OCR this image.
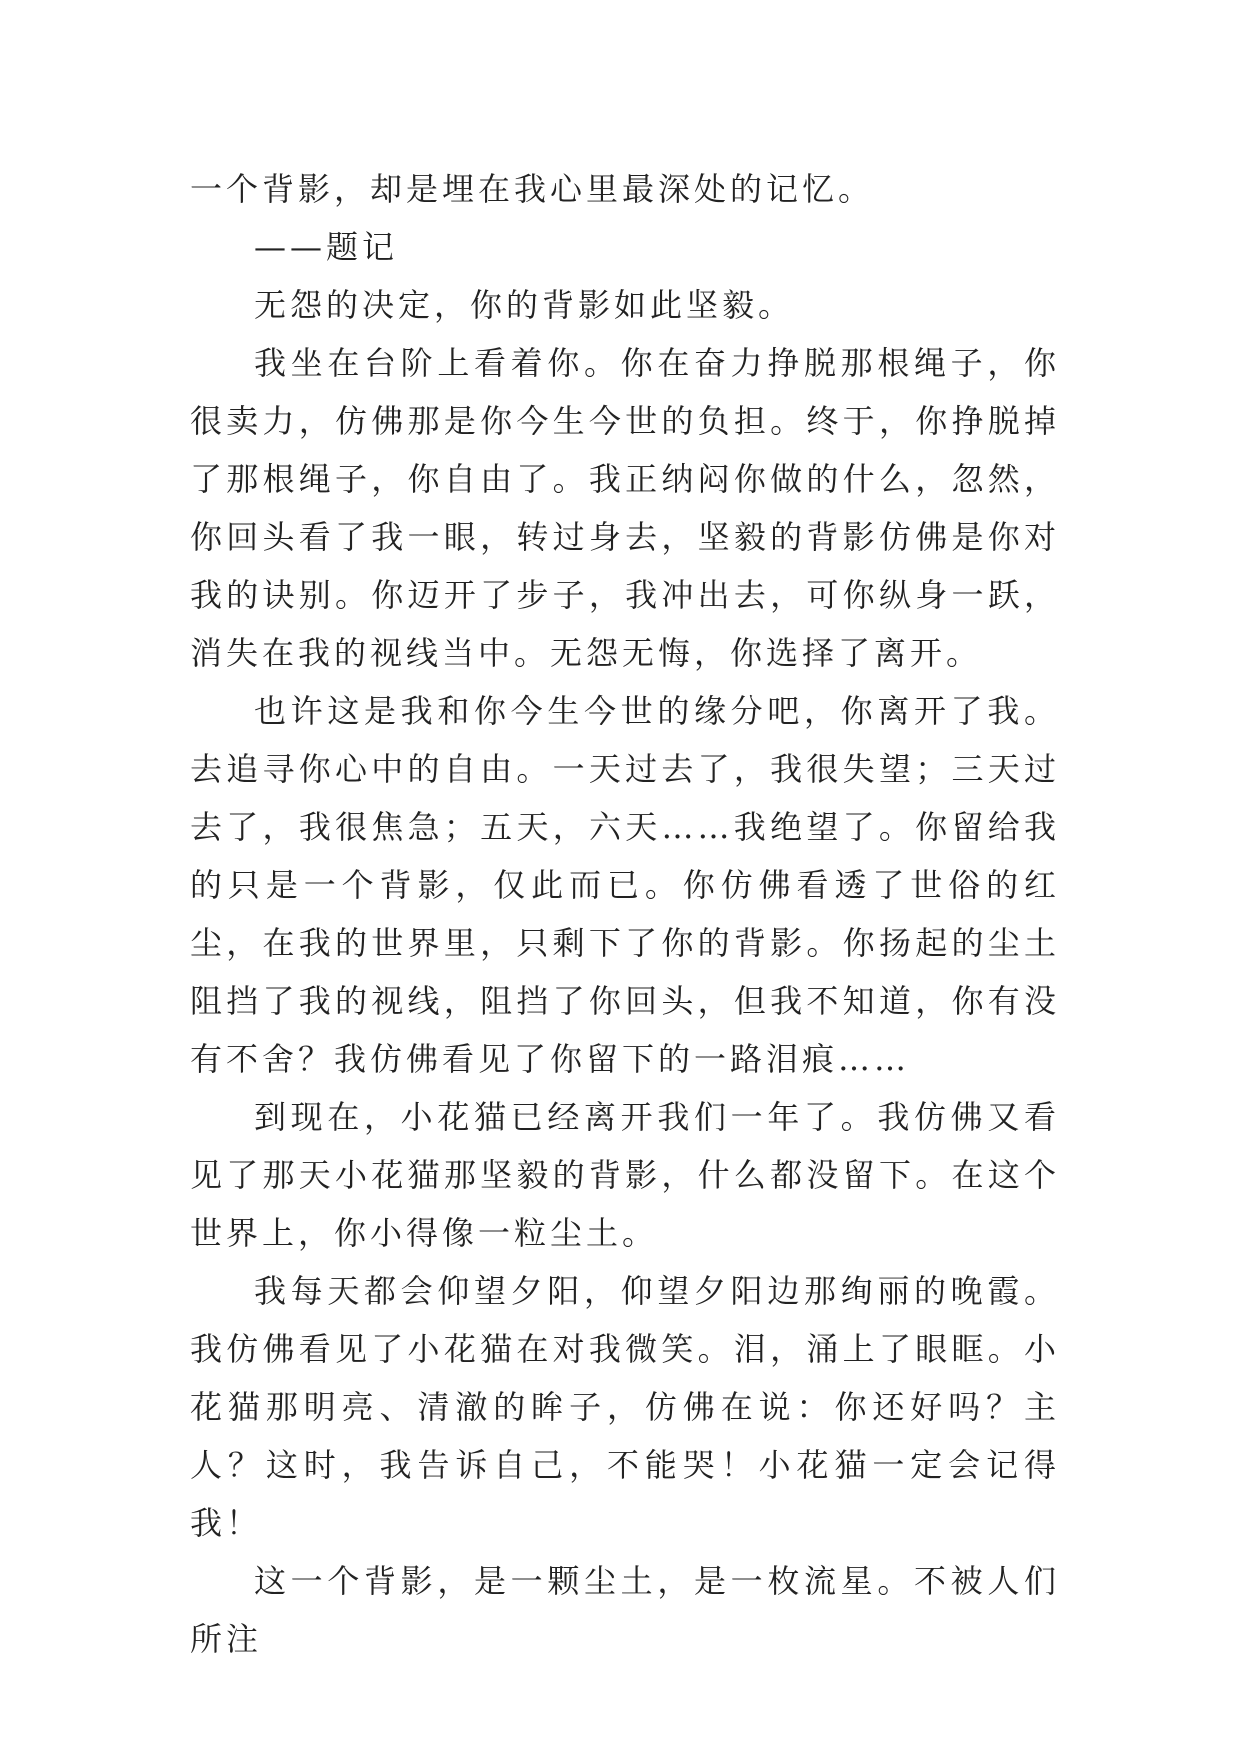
一个背影，却是埋在我心里最深处的记忆。

——题记

无怨的决定，你的背影如此坚毅。

我坐在台阶上看着你。你在奋力挣脱那根绳子，你很卖力，仿佛那是你今生今世的负担。终于，你挣脱掉了那根绳子，你自由了。我正纳闷你做的什么，忽然，你回头看了我一眼，转过身去，坚毅的背影仿佛是你对我的诀别。你迈开了步子，我冲出去，可你纵身一跃，消失在我的视线当中。无怨无悔，你选择了离开。

也许这是我和你今生今世的缘分吧，你离开了我。去追寻你心中的自由。一天过去了，我很失望；三天过去了，我很焦急；五天，六天……我绝望了。你留给我的只是一个背影，仅此而已。你仿佛看透了世俗的红尘，在我的世界里，只剩下了你的背影。你扬起的尘土阻挡了我的视线，阻挡了你回头，但我不知道，你有没有不舍？我仿佛看见了你留下的一路泪痕……

到现在，小花猫已经离开我们一年了。我仿佛又看见了那天小花猫那坚毅的背影，什么都没留下。在这个世界上，你小得像一粒尘土。

我每天都会仰望夕阳，仰望夕阳边那绚丽的晚霞。我仿佛看见了小花猫在对我微笑。泪，涌上了眼眶。小花猫那明亮、清澈的眸子，仿佛在说：你还好吗？主人？这时，我告诉自己，不能哭！小花猫一定会记得我！

这一个背影，是一颗尘土，是一枚流星。不被人们所注
